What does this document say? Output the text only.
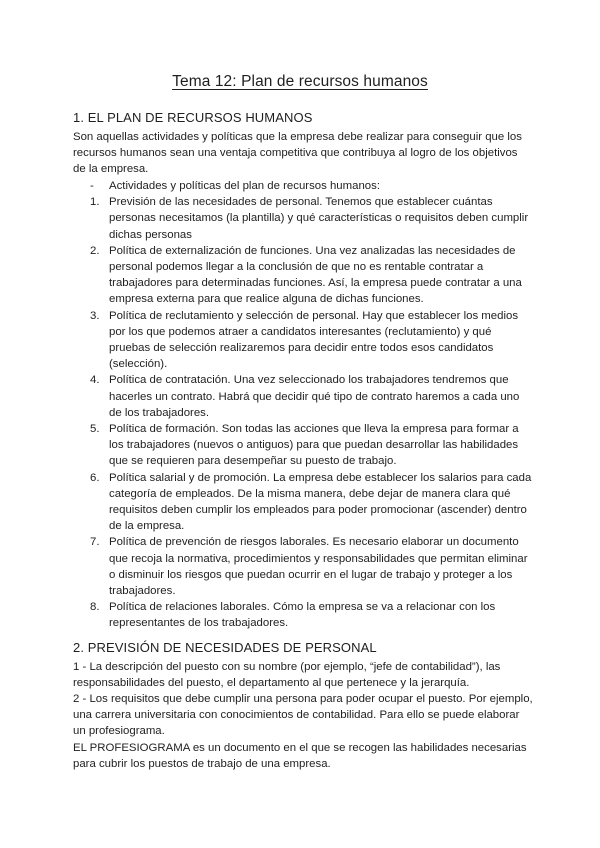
Tema 12: Plan de recursos humanos
1. EL PLAN DE RECURSOS HUMANOS
Son aquellas actividades y políticas que la empresa debe realizar para conseguir que los recursos humanos sean una ventaja competitiva que contribuya al logro de los objetivos de la empresa.
-	Actividades y políticas del plan de recursos humanos:
1. Previsión de las necesidades de personal. Tenemos que establecer cuántas personas necesitamos (la plantilla) y qué características o requisitos deben cumplir dichas personas
2. Política de externalización de funciones. Una vez analizadas las necesidades de personal podemos llegar a la conclusión de que no es rentable contratar a trabajadores para determinadas funciones. Así, la empresa puede contratar a una empresa externa para que realice alguna de dichas funciones.
3. Política de reclutamiento y selección de personal. Hay que establecer los medios por los que podemos atraer a candidatos interesantes (reclutamiento) y qué pruebas de selección realizaremos para decidir entre todos esos candidatos (selección).
4. Política de contratación. Una vez seleccionado los trabajadores tendremos que hacerles un contrato. Habrá que decidir qué tipo de contrato haremos a cada uno de los trabajadores.
5. Política de formación. Son todas las acciones que lleva la empresa para formar a los trabajadores (nuevos o antiguos) para que puedan desarrollar las habilidades que se requieren para desempeñar su puesto de trabajo.
6. Política salarial y de promoción. La empresa debe establecer los salarios para cada categoría de empleados. De la misma manera, debe dejar de manera clara qué requisitos deben cumplir los empleados para poder promocionar (ascender) dentro de la empresa.
7. Política de prevención de riesgos laborales. Es necesario elaborar un documento que recoja la normativa, procedimientos y responsabilidades que permitan eliminar o disminuir los riesgos que puedan ocurrir en el lugar de trabajo y proteger a los trabajadores.
8. Política de relaciones laborales. Cómo la empresa se va a relacionar con los representantes de los trabajadores.
2. PREVISIÓN DE NECESIDADES DE PERSONAL
1 - La descripción del puesto con su nombre (por ejemplo, “jefe de contabilidad”), las responsabilidades del puesto, el departamento al que pertenece y la jerarquía.
2 - Los requisitos que debe cumplir una persona para poder ocupar el puesto. Por ejemplo, una carrera universitaria con conocimientos de contabilidad. Para ello se puede elaborar un profesiograma.
EL PROFESIOGRAMA es un documento en el que se recogen las habilidades necesarias para cubrir los puestos de trabajo de una empresa.
